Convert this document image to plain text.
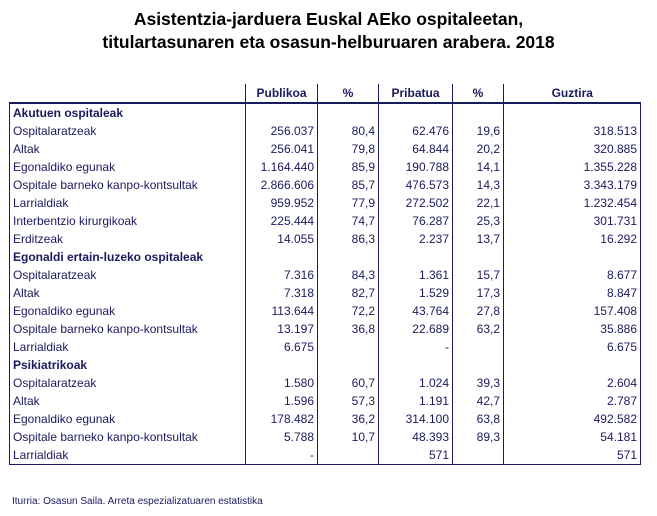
Asistentzia-jarduera Euskal AEko ospitaleetan,
titulartasunaren eta osasun-helburuaren arabera. 2018
	Publikoa	%	Pribatua	%	Guztira
Akutuen ospitaleak					
Ospitalaratzeak	256.037	80,4	62.476	19,6	318.513
Altak	256.041	79,8	64.844	20,2	320.885
Egonaldiko egunak	1.164.440	85,9	190.788	14,1	1.355.228
Ospitale barneko kanpo-kontsultak	2.866.606	85,7	476.573	14,3	3.343.179
Larrialdiak	959.952	77,9	272.502	22,1	1.232.454
Interbentzio kirurgikoak	225.444	74,7	76.287	25,3	301.731
Erditzeak	14.055	86,3	2.237	13,7	16.292
Egonaldi ertain-luzeko ospitaleak					
Ospitalaratzeak	7.316	84,3	1.361	15,7	8.677
Altak	7.318	82,7	1.529	17,3	8.847
Egonaldiko egunak	113.644	72,2	43.764	27,8	157.408
Ospitale barneko kanpo-kontsultak	13.197	36,8	22.689	63,2	35.886
Larrialdiak	6.675		-		6.675
Psikiatrikoak					
Ospitalaratzeak	1.580	60,7	1.024	39,3	2.604
Altak	1.596	57,3	1.191	42,7	2.787
Egonaldiko egunak	178.482	36,2	314.100	63,8	492.582
Ospitale barneko kanpo-kontsultak	5.788	10,7	48.393	89,3	54.181
Larrialdiak	-		571		571
Iturria: Osasun Saila. Arreta espezializatuaren estatistika
